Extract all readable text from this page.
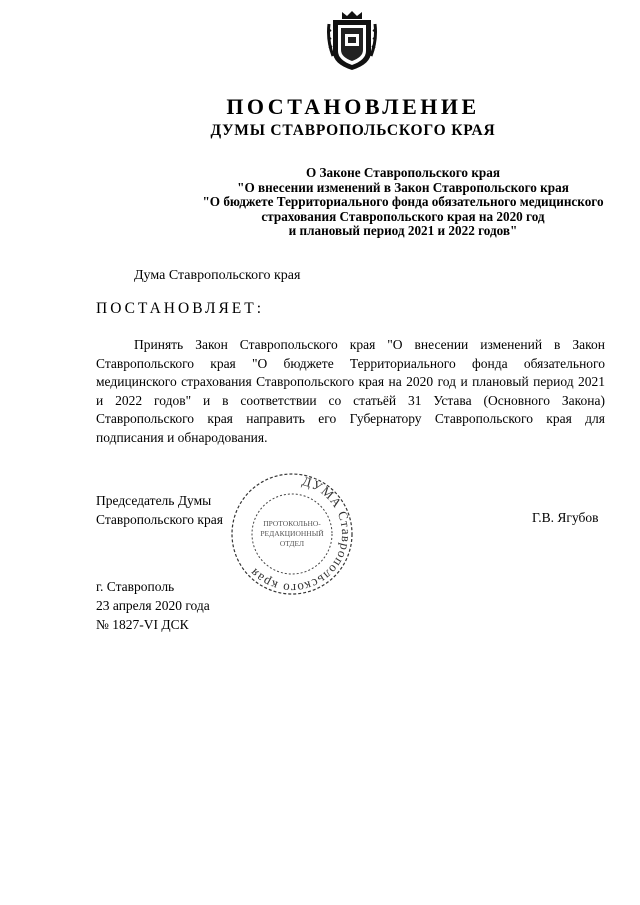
ПОСТАНОВЛЕНИЕ
ДУМЫ СТАВРОПОЛЬСКОГО КРАЯ
О Законе Ставропольского края
"О внесении изменений в Закон Ставропольского края
"О бюджете Территориального фонда обязательного медицинского
страхования Ставропольского края на 2020 год
и плановый период 2021 и 2022 годов"
Дума Ставропольского края
ПОСТАНОВЛЯЕТ:
Принять Закон Ставропольского края "О внесении изменений в Закон Ставропольского края "О бюджете Территориального фонда обязательного медицинского страхования Ставропольского края на 2020 год и плановый период 2021 и 2022 годов" и в соответствии со статьёй 31 Устава (Основного Закона) Ставропольского края направить его Губернатору Ставропольского края для подписания и обнародования.
Председатель Думы
Ставропольского края
ДУМА Ставропольского края
ПРОТОКОЛЬНО-
РЕДАКЦИОННЫЙ
ОТДЕЛ
Г.В. Ягубов
г. Ставрополь
23 апреля 2020 года
№ 1827-VI ДСК
